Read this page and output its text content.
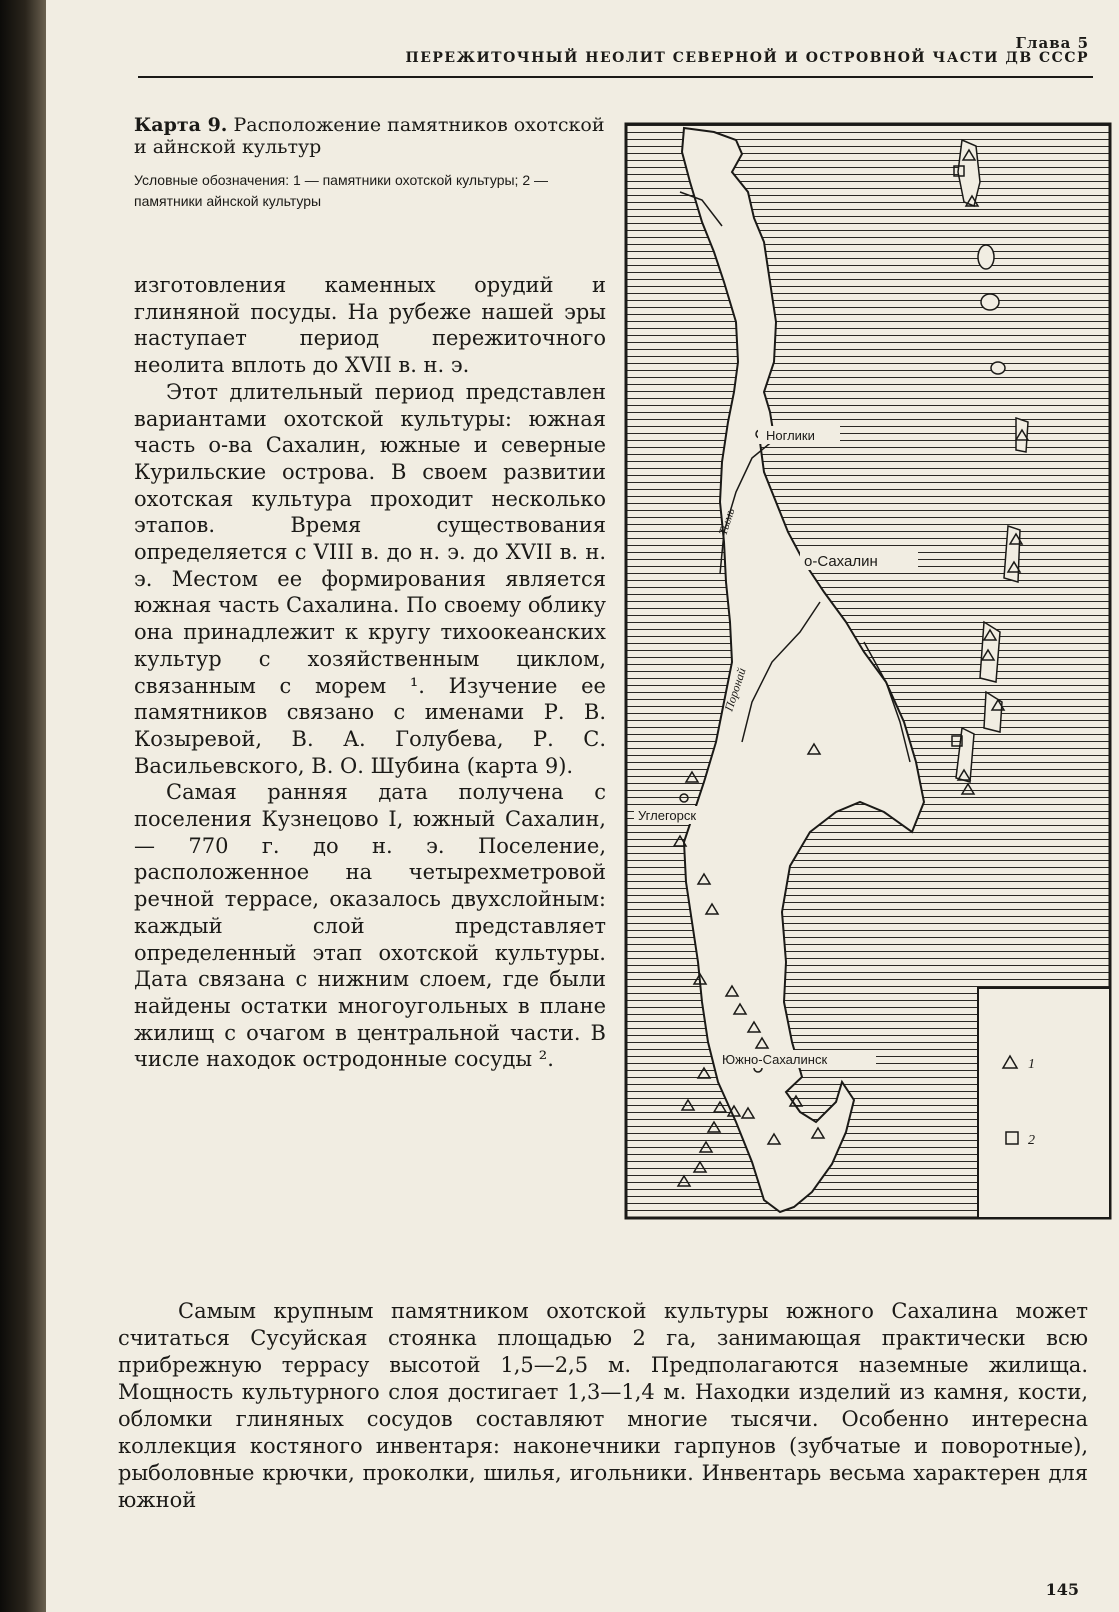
Глава 5
ПЕРЕЖИТОЧНЫЙ НЕОЛИТ СЕВЕРНОЙ И ОСТРОВНОЙ ЧАСТИ ДВ СССР

Карта 9. Расположение памятников охотской и айнской культур

Условные обозначения: 1 — памятники охотской культуры; 2 — памятники айнской культуры

изготовления каменных орудий и глиняной посуды. На рубеже нашей эры наступает период пережиточного неолита вплоть до XVII в. н. э.

Этот длительный период представлен вариантами охотской культуры: южная часть о-ва Сахалин, южные и северные Курильские острова. В своем развитии охотская культура проходит несколько этапов. Время существования определяется с VIII в. до н. э. до XVII в. н. э. Местом ее формирования является южная часть Сахалина. По своему облику она принадлежит к кругу тихоокеанских культур с хозяйственным циклом, связанным с морем ¹. Изучение ее памятников связано с именами Р. В. Козыревой, В. А. Голубева, Р. С. Васильевского, В. О. Шубина (карта 9).

Самая ранняя дата получена с поселения Кузнецово I, южный Сахалин,— 770 г. до н. э. Поселение, расположенное на четырехметровой речной террасе, оказалось двухслойным: каждый слой представляет определенный этап охотской культуры. Дата связана с нижним слоем, где были найдены остатки многоугольных в плане жилищ с очагом в центральной части. В числе находок остродонные сосуды ².

Ноглики
о-Сахалин
Углегорск
Южно-Сахалинск
Тымь
Поронай
1
2

Самым крупным памятником охотской культуры южного Сахалина может считаться Сусуйская стоянка площадью 2 га, занимающая практически всю прибрежную террасу высотой 1,5—2,5 м. Предполагаются наземные жилища. Мощность культурного слоя достигает 1,3—1,4 м. Находки изделий из камня, кости, обломки глиняных сосудов составляют многие тысячи. Особенно интересна коллекция костяного инвентаря: наконечники гарпунов (зубчатые и поворотные), рыболовные крючки, проколки, шилья, игольники. Инвентарь весьма характерен для южной

145
